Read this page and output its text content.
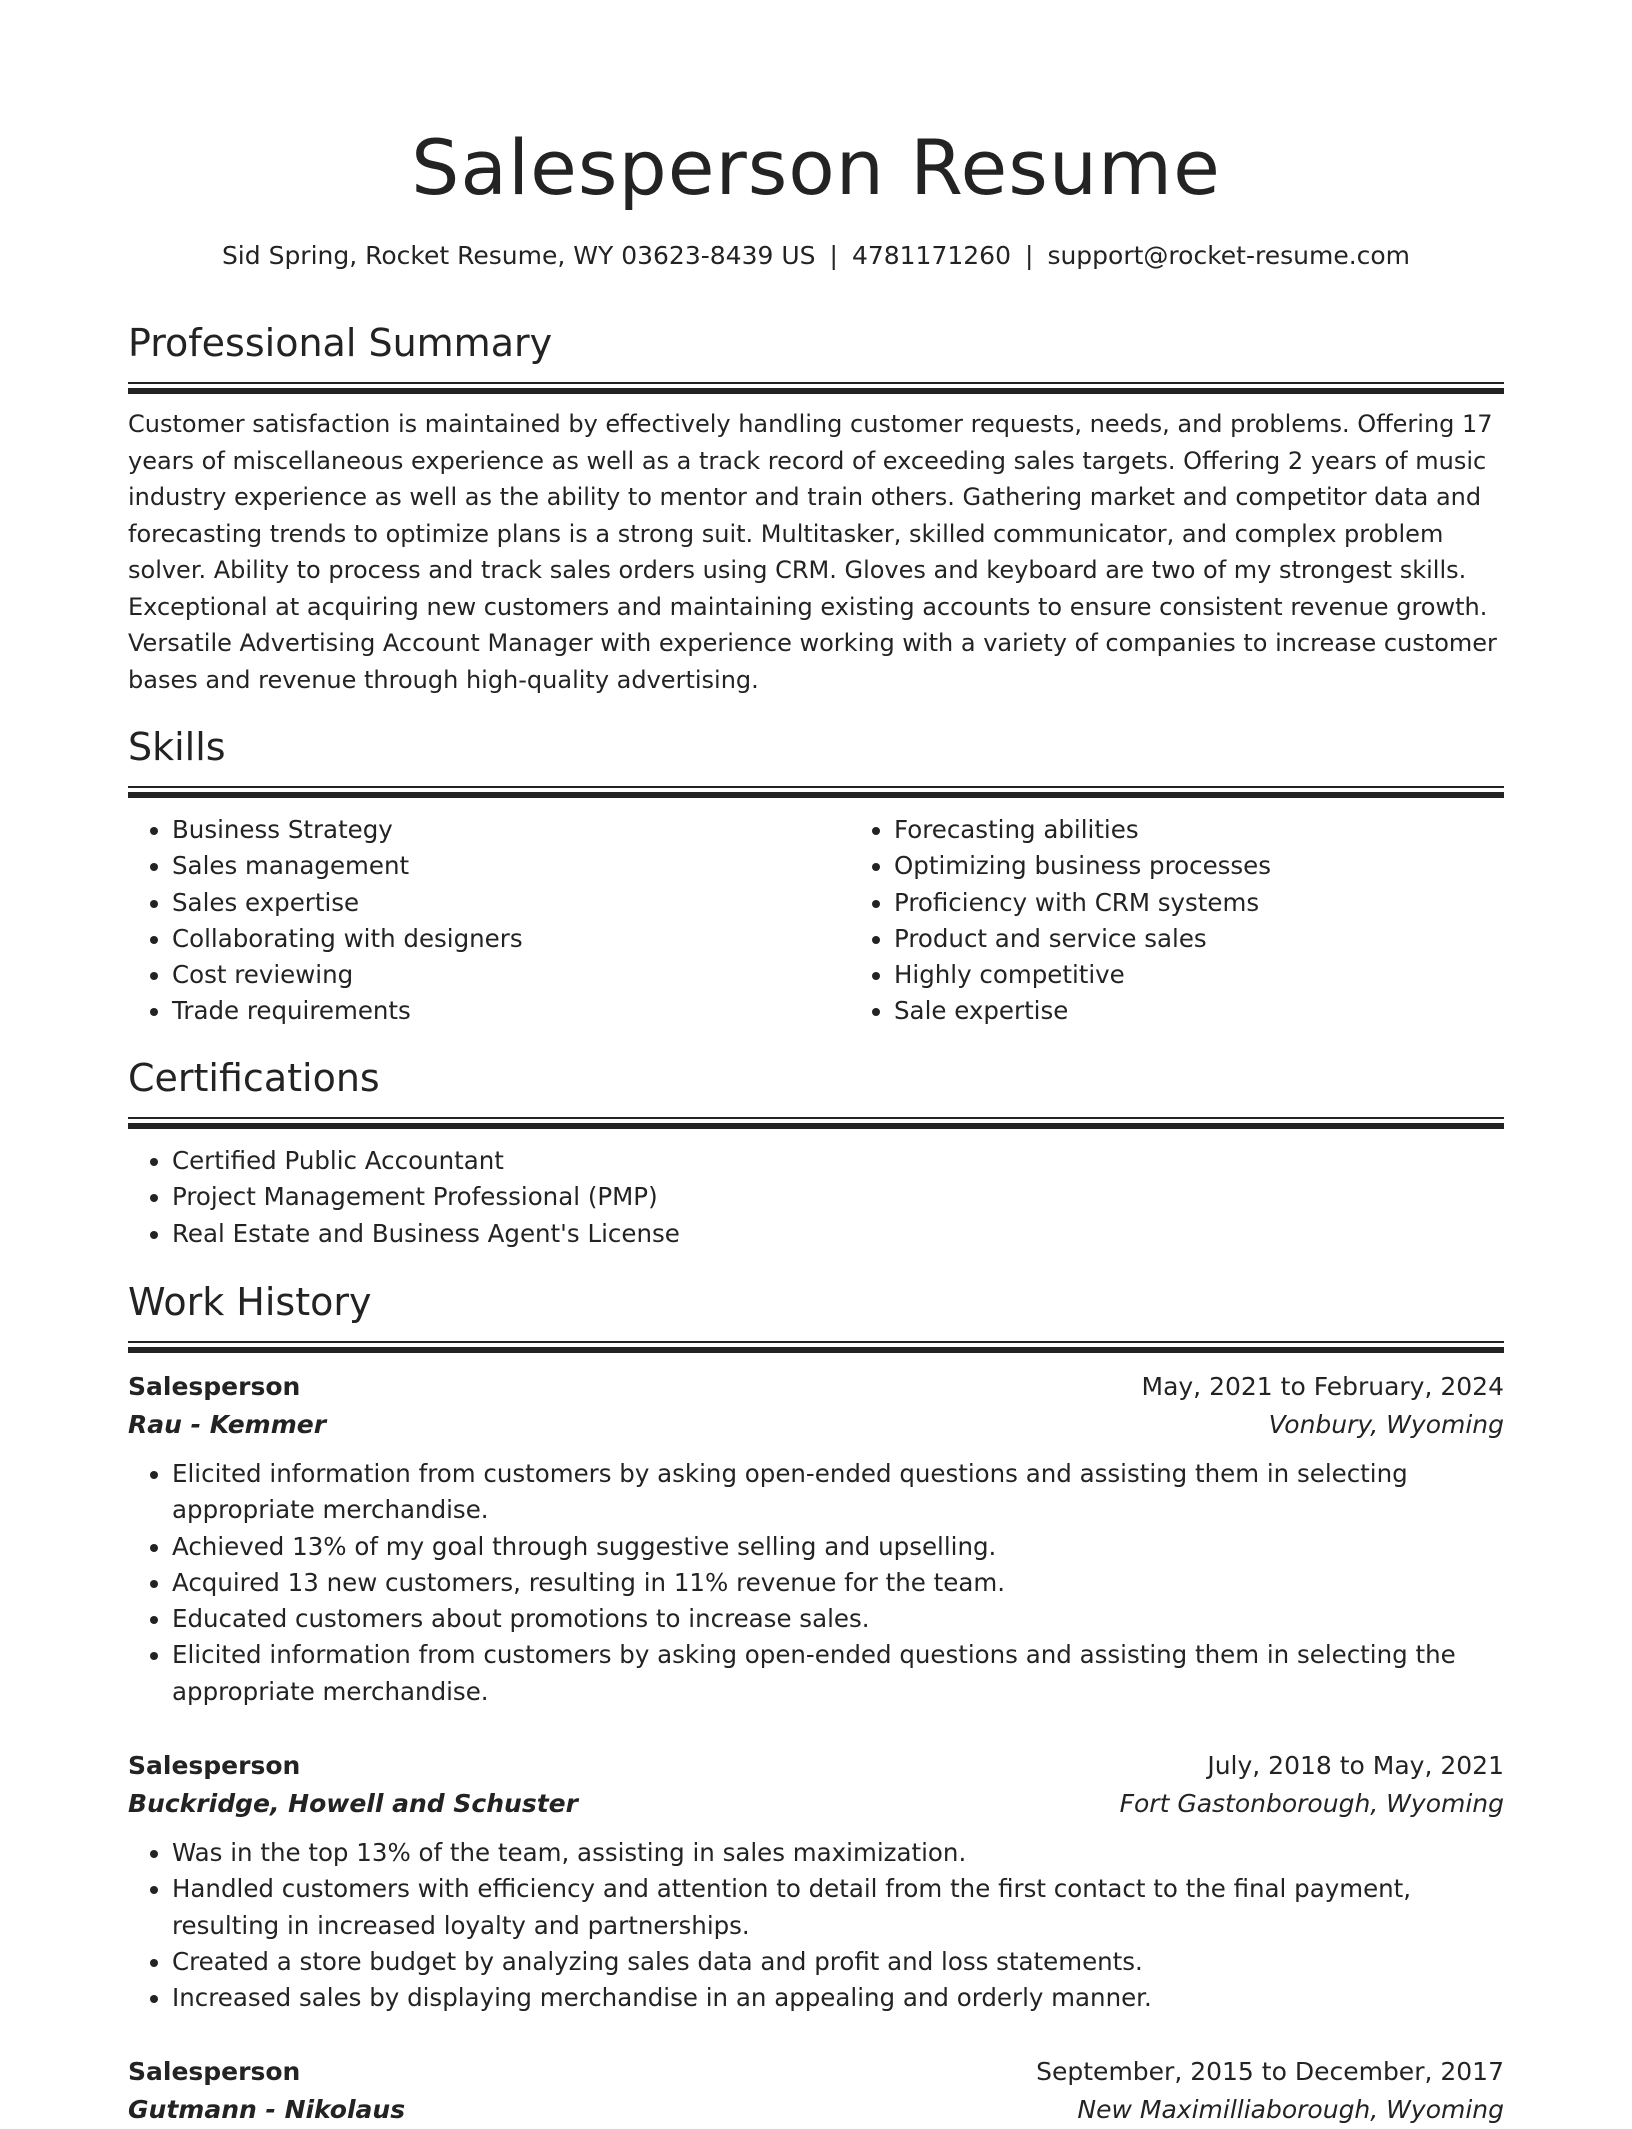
Salesperson Resume
Sid Spring, Rocket Resume, WY 03623-8439 US | 4781171260 | support@rocket-resume.com
Professional Summary

Customer satisfaction is maintained by effectively handling customer requests, needs, and problems. Offering 17 years of miscellaneous experience as well as a track record of exceeding sales targets. Offering 2 years of music industry experience as well as the ability to mentor and train others. Gathering market and competitor data and forecasting trends to optimize plans is a strong suit. Multitasker, skilled communicator, and complex problem solver. Ability to process and track sales orders using CRM. Gloves and keyboard are two of my strongest skills. Exceptional at acquiring new customers and maintaining existing accounts to ensure consistent revenue growth. Versatile Advertising Account Manager with experience working with a variety of companies to increase customer bases and revenue through high-quality advertising.

Skills
• Business Strategy
• Sales management
• Sales expertise
• Collaborating with designers
• Cost reviewing
• Trade requirements
• Forecasting abilities
• Optimizing business processes
• Proficiency with CRM systems
• Product and service sales
• Highly competitive
• Sale expertise
Certifications
• Certified Public Accountant
• Project Management Professional (PMP)
• Real Estate and Business Agent's License
Work History
Salesperson	May, 2021 to February, 2024
Rau - Kemmer	Vonbury, Wyoming
• Elicited information from customers by asking open-ended questions and assisting them in selecting appropriate merchandise.
• Achieved 13% of my goal through suggestive selling and upselling.
• Acquired 13 new customers, resulting in 11% revenue for the team.
• Educated customers about promotions to increase sales.
• Elicited information from customers by asking open-ended questions and assisting them in selecting the appropriate merchandise.
Salesperson	July, 2018 to May, 2021
Buckridge, Howell and Schuster	Fort Gastonborough, Wyoming
• Was in the top 13% of the team, assisting in sales maximization.
• Handled customers with efficiency and attention to detail from the first contact to the final payment, resulting in increased loyalty and partnerships.
• Created a store budget by analyzing sales data and profit and loss statements.
• Increased sales by displaying merchandise in an appealing and orderly manner.
Salesperson	September, 2015 to December, 2017
Gutmann - Nikolaus	New Maximilliaborough, Wyoming
